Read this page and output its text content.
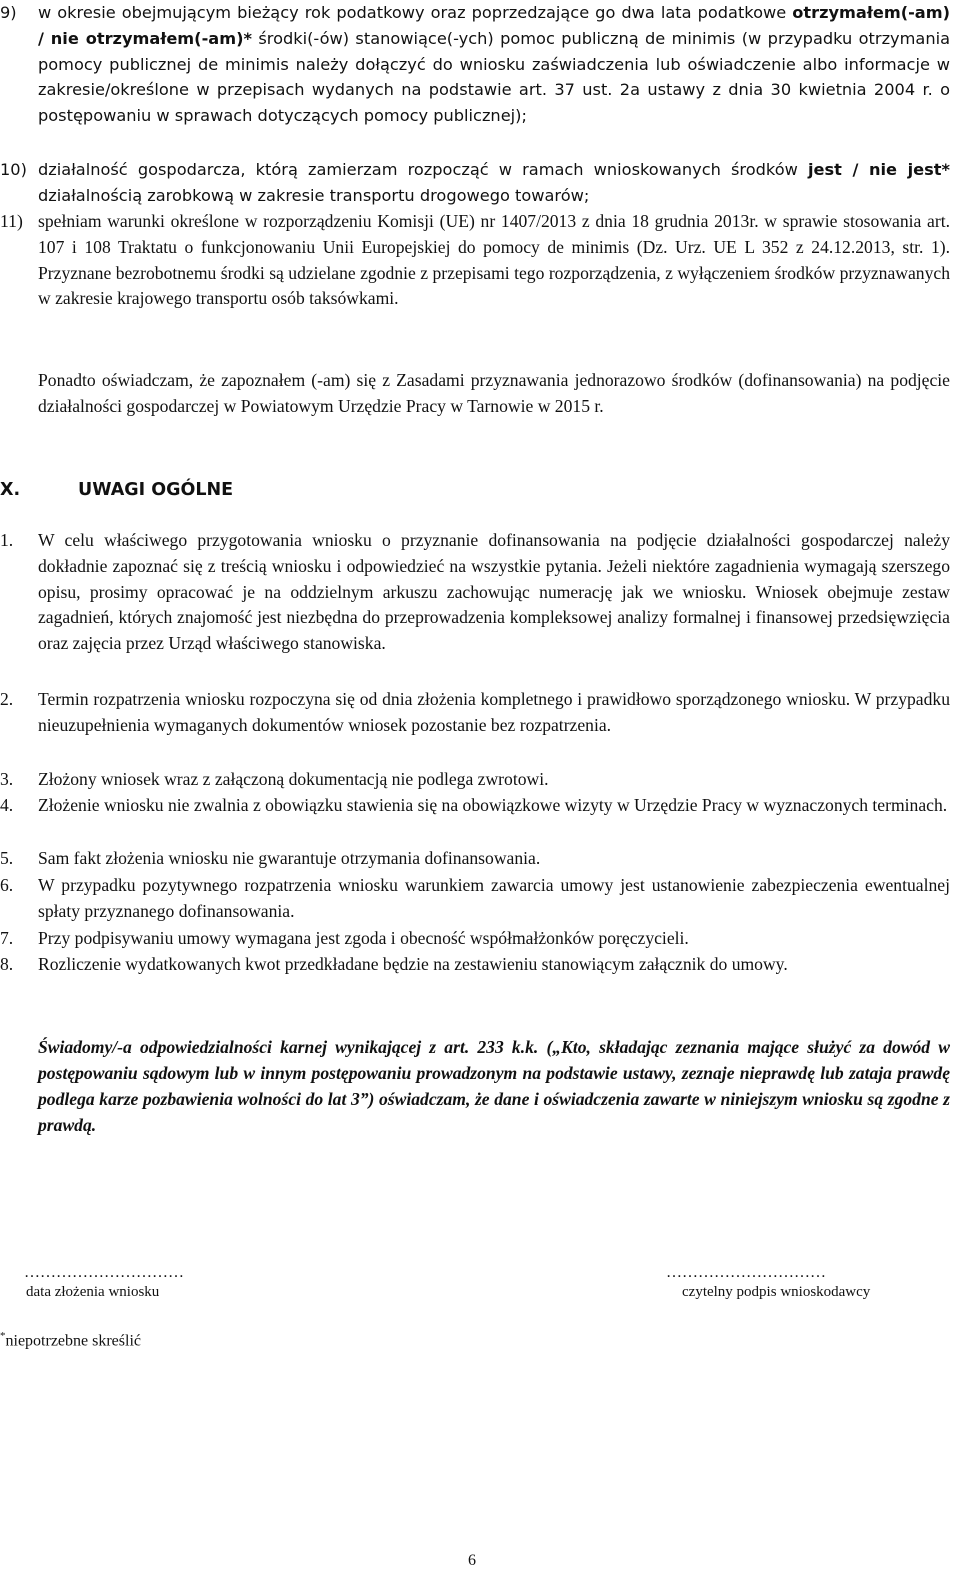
9) w okresie obejmującym bieżący rok podatkowy oraz poprzedzające go dwa lata podatkowe otrzymałem(-am) / nie otrzymałem(-am)* środki(-ów) stanowiące(-ych) pomoc publiczną de minimis (w przypadku otrzymania pomocy publicznej de minimis należy dołączyć do wniosku zaświadczenia lub oświadczenie albo informacje w zakresie/określone w przepisach wydanych na podstawie art. 37 ust. 2a ustawy z dnia 30 kwietnia 2004 r. o postępowaniu w sprawach dotyczących pomocy publicznej);
10) działalność gospodarcza, którą zamierzam rozpocząć w ramach wnioskowanych środków jest / nie jest* działalnością zarobkową w zakresie transportu drogowego towarów;
11) spełniam warunki określone w rozporządzeniu Komisji (UE) nr 1407/2013 z dnia 18 grudnia 2013r. w sprawie stosowania art. 107 i 108 Traktatu o funkcjonowaniu Unii Europejskiej do pomocy de minimis (Dz. Urz. UE L 352 z 24.12.2013, str. 1). Przyznane bezrobotnemu środki są udzielane zgodnie z przepisami tego rozporządzenia, z wyłączeniem środków przyznawanych w zakresie krajowego transportu osób taksówkami.
Ponadto oświadczam, że zapoznałem (-am) się z Zasadami przyznawania jednorazowo środków (dofinansowania) na podjęcie działalności gospodarczej w Powiatowym Urzędzie Pracy w Tarnowie w 2015 r.
X.	UWAGI OGÓLNE
1. W celu właściwego przygotowania wniosku o przyznanie dofinansowania na podjęcie działalności gospodarczej należy dokładnie zapoznać się z treścią wniosku i odpowiedzieć na wszystkie pytania. Jeżeli niektóre zagadnienia wymagają szerszego opisu, prosimy opracować je na oddzielnym arkuszu zachowując numerację jak we wniosku. Wniosek obejmuje zestaw zagadnień, których znajomość jest niezbędna do przeprowadzenia kompleksowej analizy formalnej i finansowej przedsięwzięcia oraz zajęcia przez Urząd właściwego stanowiska.
2. Termin rozpatrzenia wniosku rozpoczyna się od dnia złożenia kompletnego i prawidłowo sporządzonego wniosku. W przypadku nieuzupełnienia wymaganych dokumentów wniosek pozostanie bez rozpatrzenia.
3. Złożony wniosek wraz z załączoną dokumentacją nie podlega zwrotowi.
4. Złożenie wniosku nie zwalnia z obowiązku stawienia się na obowiązkowe wizyty w Urzędzie Pracy w wyznaczonych terminach.
5. Sam fakt złożenia wniosku nie gwarantuje otrzymania dofinansowania.
6. W przypadku pozytywnego rozpatrzenia wniosku warunkiem zawarcia umowy jest ustanowienie zabezpieczenia ewentualnej spłaty przyznanego dofinansowania.
7. Przy podpisywaniu umowy wymagana jest zgoda i obecność współmałżonków poręczycieli.
8. Rozliczenie wydatkowanych kwot przedkładane będzie na zestawieniu stanowiącym załącznik do umowy.
Świadomy/-a odpowiedzialności karnej wynikającej z art. 233 k.k. („Kto, składając zeznania mające służyć za dowód w postępowaniu sądowym lub w innym postępowaniu prowadzonym na podstawie ustawy, zeznaje nieprawdę lub zataja prawdę podlega karze pozbawienia wolności do lat 3”) oświadczam, że dane i oświadczenia zawarte w niniejszym wniosku są zgodne z prawdą.
…………………………
data złożenia wniosku
…………………………
czytelny podpis wnioskodawcy
*niepotrzebne skreślić
6
